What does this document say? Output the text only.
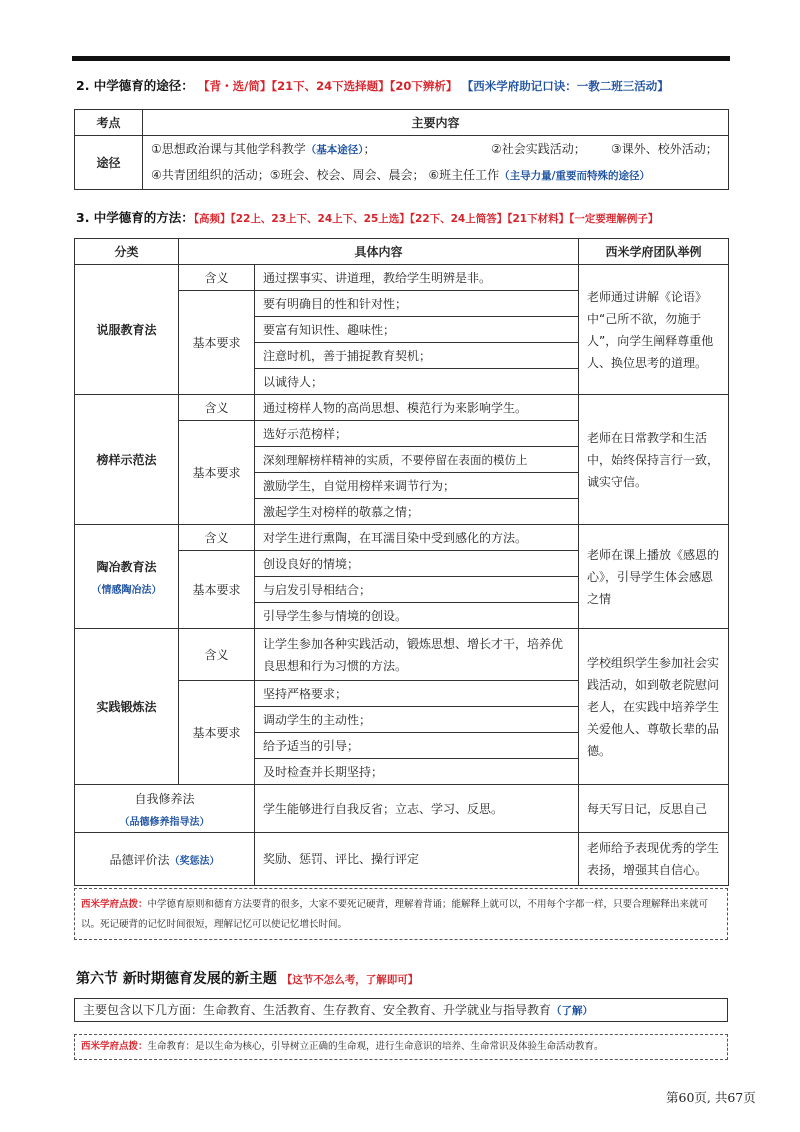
2. 中学德育的途径： 【背・选/简】【21下、24下选择题】【20下辨析】 【西米学府助记口诀：一教二班三活动】
考点	主要内容
途径	①思想政治课与其他学科教学（基本途径）； ②社会实践活动； ③课外、校外活动；
④共青团组织的活动；⑤班会、校会、周会、晨会； ⑥班主任工作（主导力量/重要而特殊的途径）
3. 中学德育的方法：【高频】【22上、23上下、24上下、25上选】【22下、24上简答】【21下材料】【一定要理解例子】
分类	具体内容		西米学府团队举例
说服教育法	含义	通过摆事实、讲道理，教给学生明辨是非。	老师通过讲解《论语》中“己所不欲，勿施于人”，向学生阐释尊重他人、换位思考的道理。
	基本要求	要有明确目的性和针对性；	
		要富有知识性、趣味性；	
		注意时机，善于捕捉教育契机；	
		以诚待人；	
榜样示范法	含义	通过榜样人物的高尚思想、模范行为来影响学生。	老师在日常教学和生活中，始终保持言行一致，诚实守信。
	基本要求	选好示范榜样；	
		深刻理解榜样精神的实质，不要停留在表面的模仿上	
		激励学生，自觉用榜样来调节行为；	
		激起学生对榜样的敬慕之情；	

陶冶教育法
（情感陶冶法）	含义	对学生进行熏陶，在耳濡目染中受到感化的方法。	老师在课上播放《感恩的心》，引导学生体会感恩之情
	基本要求	创设良好的情境；	
		与启发引导相结合；	
		引导学生参与情境的创设。	
实践锻炼法	含义	让学生参加各种实践活动，锻炼思想、增长才干，培养优良思想和行为习惯的方法。	学校组织学生参加社会实践活动，如到敬老院慰问老人，在实践中培养学生关爱他人、尊敬长辈的品德。
	基本要求	坚持严格要求；	
		调动学生的主动性；	
		给予适当的引导；	
		及时检查并长期坚持；	

自我修养法
（品德修养指导法）		学生能够进行自我反省；立志、学习、反思。	每天写日记，反思自己
品德评价法（奖惩法）		奖励、惩罚、评比、操行评定	老师给予表现优秀的学生表扬，增强其自信心。
西米学府点拨：中学德育原则和德育方法要背的很多，大家不要死记硬背，理解着背诵；能解释上就可以，不用每个字都一样，只要合理解释出来就可以。死记硬背的记忆时间很短，理解记忆可以使记忆增长时间。
第六节 新时期德育发展的新主题 【这节不怎么考，了解即可】
主要包含以下几方面：生命教育、生活教育、生存教育、安全教育、升学就业与指导教育（了解）
西米学府点拨：生命教育：是以生命为核心，引导树立正确的生命观，进行生命意识的培养、生命常识及体验生命活动教育。
第60页, 共67页
